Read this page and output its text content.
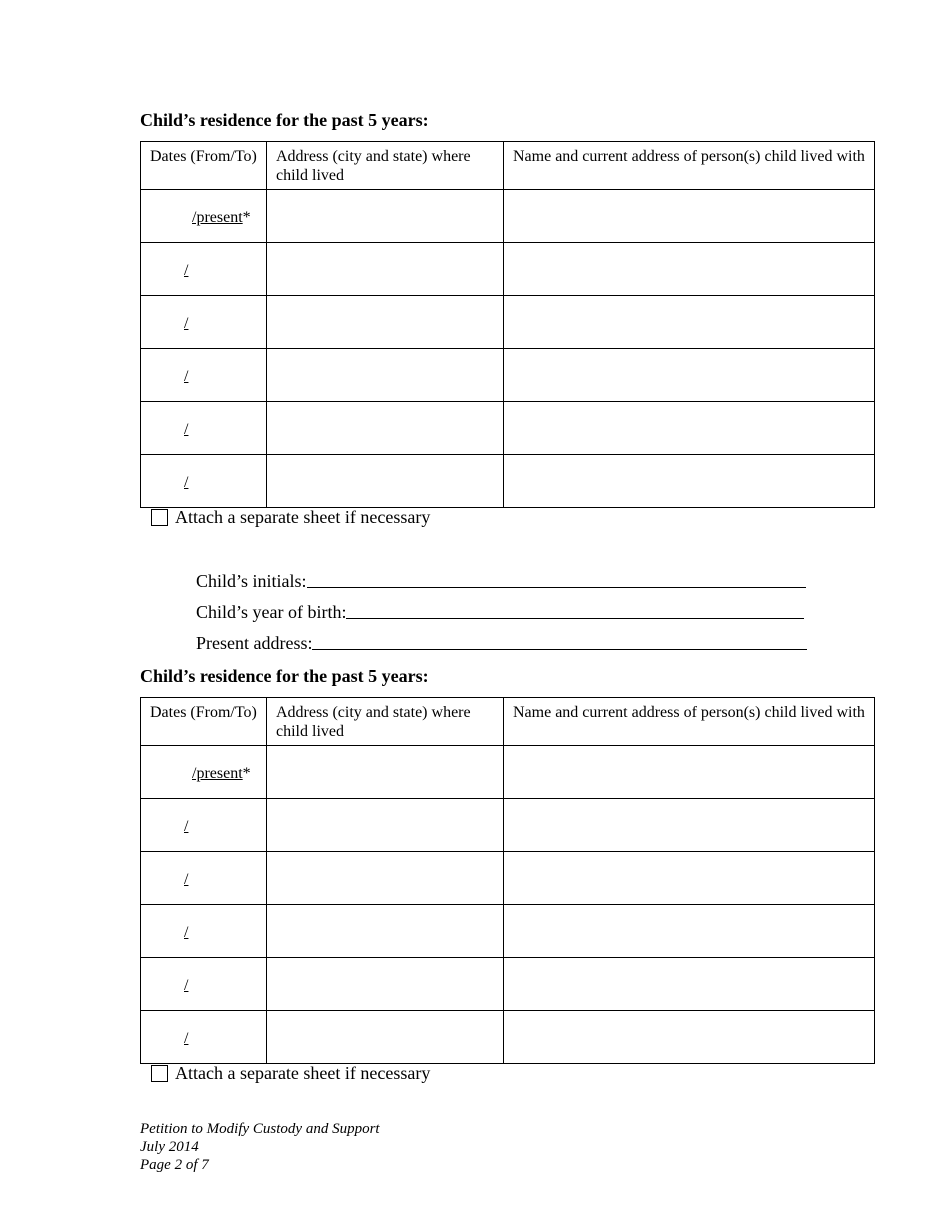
Child’s residence for the past 5 years:
Dates (From/To)	Address (city and state) where child lived	Name and current address of person(s) child lived with
/present*		
/		
/		
/		
/		
/		
Attach a separate sheet if necessary
Child’s initials:
Child’s year of birth:
Present address:
Child’s residence for the past 5 years:
Dates (From/To)	Address (city and state) where child lived	Name and current address of person(s) child lived with
/present*		
/		
/		
/		
/		
/		
Attach a separate sheet if necessary
Petition to Modify Custody and Support
July 2014
Page 2 of 7
